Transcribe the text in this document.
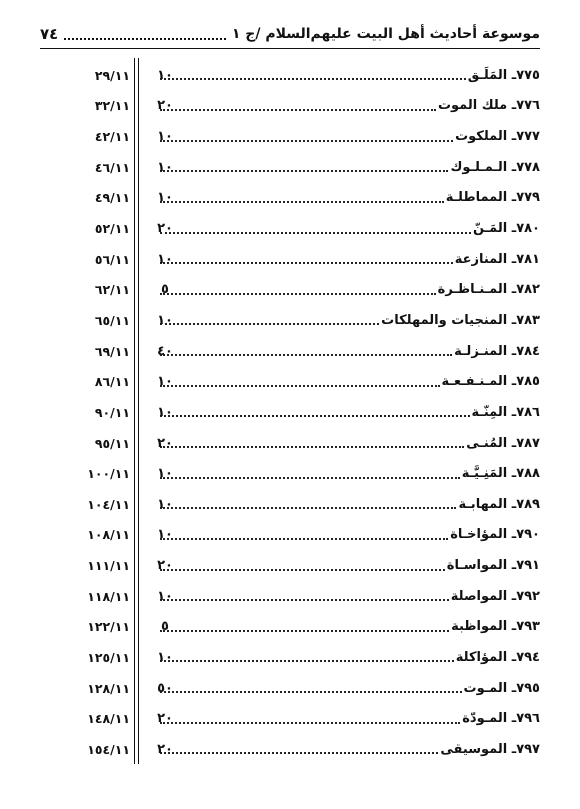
موسوعة أحاديث أهل البيت عليهم‌السلام /ج ١
٧٤
٧٧٥ـ المَلَـق
١٠
٢٩/١١
٧٧٦ـ ملك الموت
٢٠
٣٢/١١
٧٧٧ـ الملكوت
١٠
٤٢/١١
٧٧٨ـ الـمـلـوك
١٠
٤٦/١١
٧٧٩ـ المماطلـة
١٠
٤٩/١١
٧٨٠ـ المَـنّ
٢٠
٥٢/١١
٧٨١ـ المنازعة
١٠
٥٦/١١
٧٨٢ـ المـنـاظـرة
٥
٦٢/١١
٧٨٣ـ المنجيات والمهلكات
١٠
٦٥/١١
٧٨٤ـ المنـزلـة
٤٠
٦٩/١١
٧٨٥ـ المـنـفـعـة
١٠
٨٦/١١
٧٨٦ـ المِنّـة
١٠
٩٠/١١
٧٨٧ـ المُنـى
٢٠
٩٥/١١
٧٨٨ـ المَنِـيَّـة
١٠
١٠٠/١١
٧٨٩ـ المهابـة
١٠
١٠٤/١١
٧٩٠ـ المؤاخـاة
١٠
١٠٨/١١
٧٩١ـ المواسـاة
٢٠
١١١/١١
٧٩٢ـ المواصلة
١٠
١١٨/١١
٧٩٣ـ المواظبة
٥
١٢٢/١١
٧٩٤ـ المؤاكلة
١٠
١٢٥/١١
٧٩٥ـ المـوت
٥٠
١٢٨/١١
٧٩٦ـ المـودّة
٢٠
١٤٨/١١
٧٩٧ـ الموسيقى
٢٠
١٥٤/١١
